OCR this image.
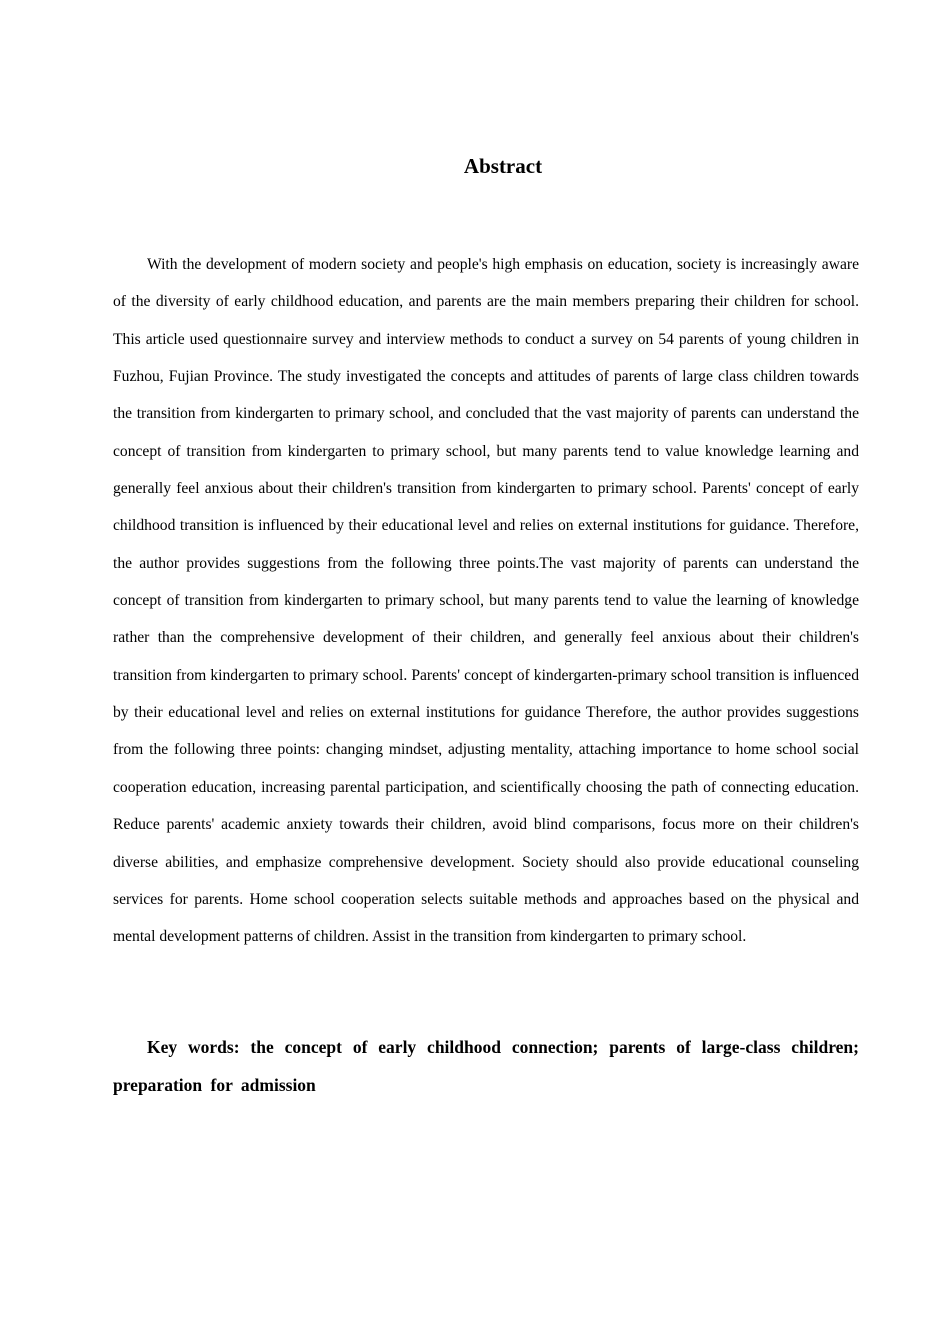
Abstract

With the development of modern society and people's high emphasis on education, society is increasingly aware of the diversity of early childhood education, and parents are the main members preparing their children for school. This article used questionnaire survey and interview methods to conduct a survey on 54 parents of young children in Fuzhou, Fujian Province. The study investigated the concepts and attitudes of parents of large class children towards the transition from kindergarten to primary school, and concluded that the vast majority of parents can understand the concept of transition from kindergarten to primary school, but many parents tend to value knowledge learning and generally feel anxious about their children's transition from kindergarten to primary school. Parents' concept of early childhood transition is influenced by their educational level and relies on external institutions for guidance. Therefore, the author provides suggestions from the following three points.The vast majority of parents can understand the concept of transition from kindergarten to primary school, but many parents tend to value the learning of knowledge rather than the comprehensive development of their children, and generally feel anxious about their children's transition from kindergarten to primary school. Parents' concept of kindergarten-primary school transition is influenced by their educational level and relies on external institutions for guidance Therefore, the author provides suggestions from the following three points: changing mindset, adjusting mentality, attaching importance to home school social cooperation education, increasing parental participation, and scientifically choosing the path of connecting education. Reduce parents' academic anxiety towards their children, avoid blind comparisons, focus more on their children's diverse abilities, and emphasize comprehensive development. Society should also provide educational counseling services for parents. Home school cooperation selects suitable methods and approaches based on the physical and mental development patterns of children. Assist in the transition from kindergarten to primary school.

Key words: the concept of early childhood connection; parents of large-class children; preparation for admission
